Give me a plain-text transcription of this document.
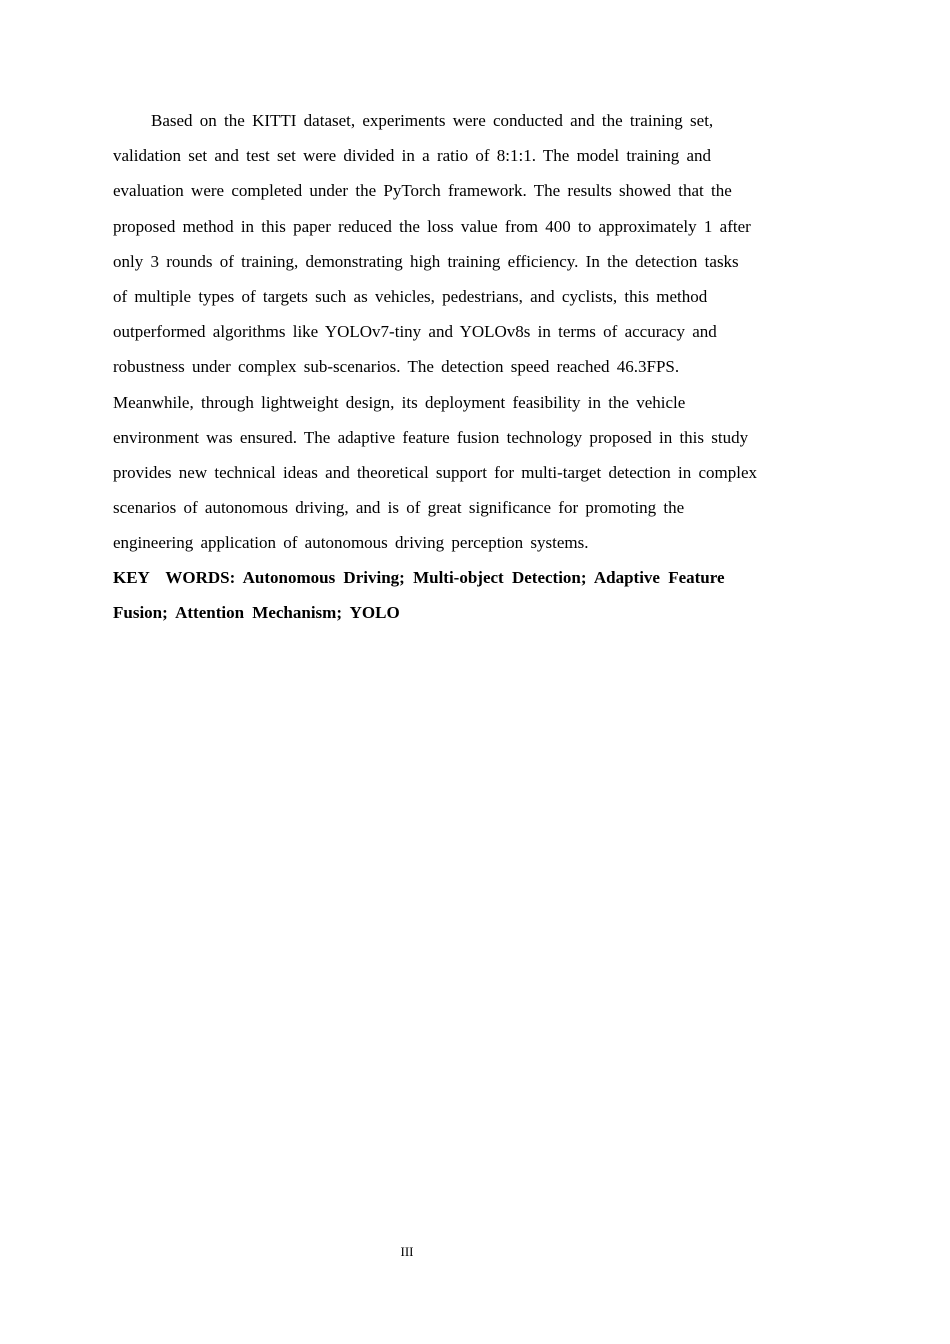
Based on the KITTI dataset, experiments were conducted and the training set,
validation set and test set were divided in a ratio of 8:1:1. The model training and
evaluation were completed under the PyTorch framework. The results showed that the
proposed method in this paper reduced the loss value from 400 to approximately 1 after
only 3 rounds of training, demonstrating high training efficiency. In the detection tasks
of multiple types of targets such as vehicles, pedestrians, and cyclists, this method
outperformed algorithms like YOLOv7-tiny and YOLOv8s in terms of accuracy and
robustness under complex sub-scenarios. The detection speed reached 46.3FPS.
Meanwhile, through lightweight design, its deployment feasibility in the vehicle
environment was ensured. The adaptive feature fusion technology proposed in this study
provides new technical ideas and theoretical support for multi-target detection in complex
scenarios of autonomous driving, and is of great significance for promoting the
engineering application of autonomous driving perception systems.

KEY  WORDS: Autonomous Driving; Multi-object Detection; Adaptive Feature
Fusion; Attention Mechanism; YOLO

III
